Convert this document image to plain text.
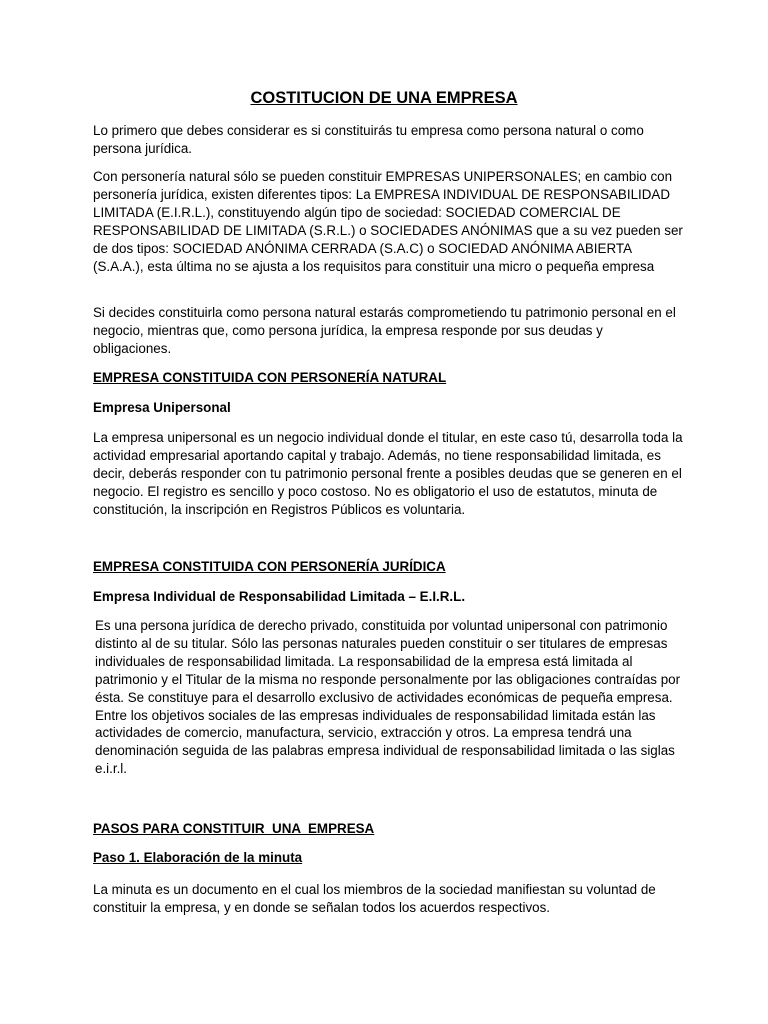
COSTITUCION DE UNA EMPRESA

Lo primero que debes considerar es si constituirás tu empresa como persona natural o como persona jurídica.

Con personería natural sólo se pueden constituir EMPRESAS UNIPERSONALES; en cambio con personería jurídica, existen diferentes tipos: La EMPRESA INDIVIDUAL DE RESPONSABILIDAD LIMITADA (E.I.R.L.), constituyendo algún tipo de sociedad: SOCIEDAD COMERCIAL DE RESPONSABILIDAD DE LIMITADA (S.R.L.) o SOCIEDADES ANÓNIMAS que a su vez pueden ser de dos tipos: SOCIEDAD ANÓNIMA CERRADA (S.A.C) o SOCIEDAD ANÓNIMA ABIERTA (S.A.A.), esta última no se ajusta a los requisitos para constituir una micro o pequeña empresa

Si decides constituirla como persona natural estarás comprometiendo tu patrimonio personal en el negocio, mientras que, como persona jurídica, la empresa responde por sus deudas y obligaciones.

EMPRESA CONSTITUIDA CON PERSONERÍA NATURAL

Empresa Unipersonal

La empresa unipersonal es un negocio individual donde el titular, en este caso tú, desarrolla toda la actividad empresarial aportando capital y trabajo. Además, no tiene responsabilidad limitada, es decir, deberás responder con tu patrimonio personal frente a posibles deudas que se generen en el negocio. El registro es sencillo y poco costoso. No es obligatorio el uso de estatutos, minuta de constitución, la inscripción en Registros Públicos es voluntaria.

EMPRESA CONSTITUIDA CON PERSONERÍA JURÍDICA

Empresa Individual de Responsabilidad Limitada – E.I.R.L.

Es una persona jurídica de derecho privado, constituida por voluntad unipersonal con patrimonio distinto al de su titular. Sólo las personas naturales pueden constituir o ser titulares de empresas individuales de responsabilidad limitada. La responsabilidad de la empresa está limitada al patrimonio y el Titular de la misma no responde personalmente por las obligaciones contraídas por ésta. Se constituye para el desarrollo exclusivo de actividades económicas de pequeña empresa. Entre los objetivos sociales de las empresas individuales de responsabilidad limitada están las actividades de comercio, manufactura, servicio, extracción y otros. La empresa tendrá una denominación seguida de las palabras empresa individual de responsabilidad limitada o las siglas e.i.r.l.

PASOS PARA CONSTITUIR  UNA  EMPRESA

Paso 1. Elaboración de la minuta

La minuta es un documento en el cual los miembros de la sociedad manifiestan su voluntad de constituir la empresa, y en donde se señalan todos los acuerdos respectivos.
